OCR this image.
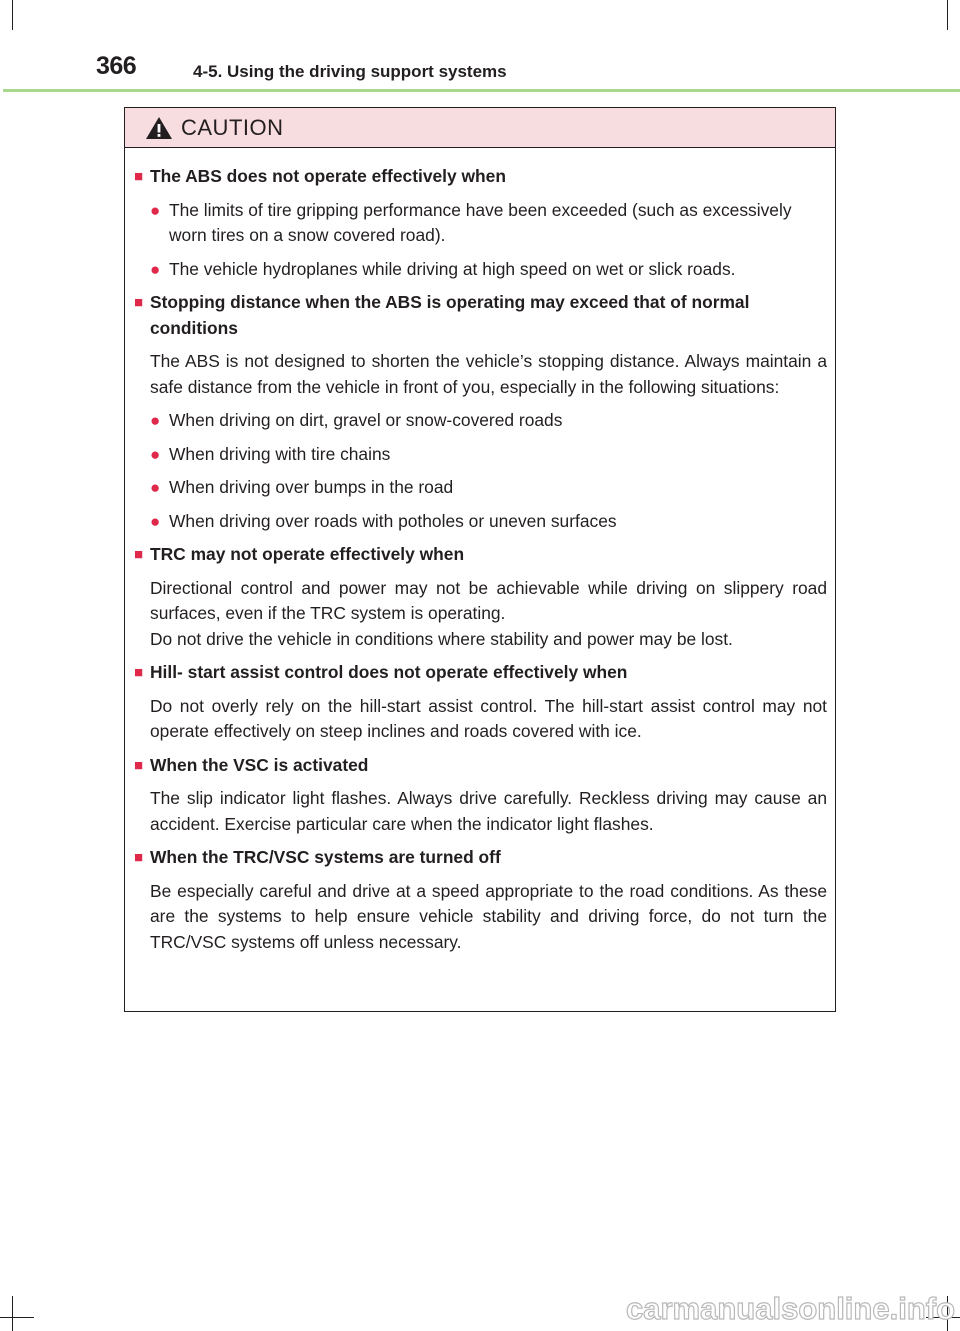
366	4-5. Using the driving support systems
CAUTION
■ The ABS does not operate effectively when
● The limits of tire gripping performance have been exceeded (such as excessively worn tires on a snow covered road).
● The vehicle hydroplanes while driving at high speed on wet or slick roads.
■ Stopping distance when the ABS is operating may exceed that of normal conditions
The ABS is not designed to shorten the vehicle’s stopping distance. Always maintain a safe distance from the vehicle in front of you, especially in the following situations:
● When driving on dirt, gravel or snow-covered roads
● When driving with tire chains
● When driving over bumps in the road
● When driving over roads with potholes or uneven surfaces
■ TRC may not operate effectively when
Directional control and power may not be achievable while driving on slippery road surfaces, even if the TRC system is operating.
Do not drive the vehicle in conditions where stability and power may be lost.
■ Hill- start assist control does not operate effectively when
Do not overly rely on the hill-start assist control. The hill-start assist control may not operate effectively on steep inclines and roads covered with ice.
■ When the VSC is activated
The slip indicator light flashes. Always drive carefully. Reckless driving may cause an accident. Exercise particular care when the indicator light flashes.
■ When the TRC/VSC systems are turned off
Be especially careful and drive at a speed appropriate to the road conditions. As these are the systems to help ensure vehicle stability and driving force, do not turn the TRC/VSC systems off unless necessary.
carmanualsonline.info
